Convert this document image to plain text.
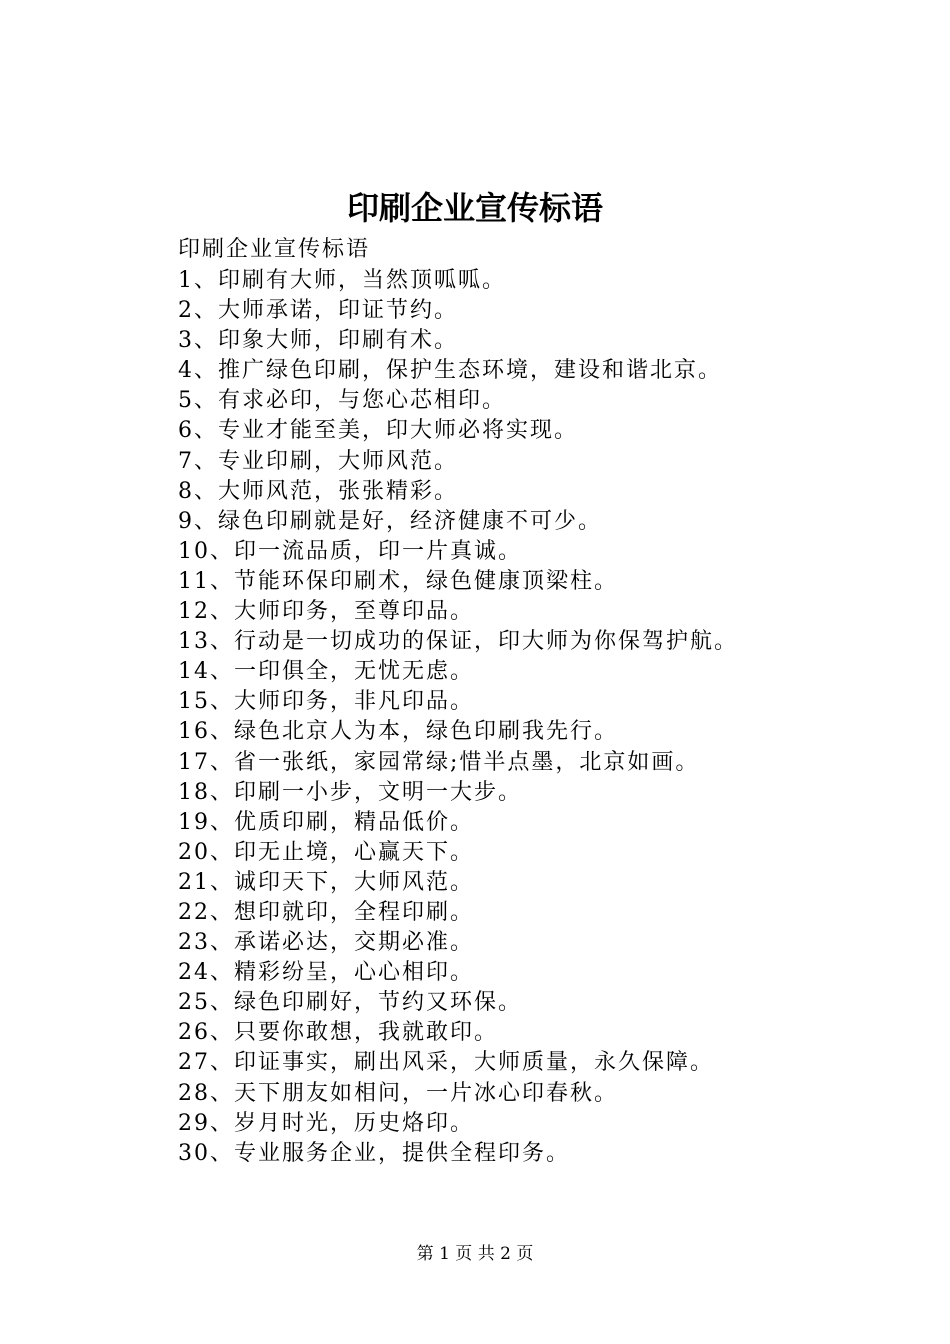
印刷企业宣传标语
印刷企业宣传标语
1、印刷有大师，当然顶呱呱。
2、大师承诺，印证节约。
3、印象大师，印刷有术。
4、推广绿色印刷，保护生态环境，建设和谐北京。
5、有求必印，与您心芯相印。
6、专业才能至美，印大师必将实现。
7、专业印刷，大师风范。
8、大师风范，张张精彩。
9、绿色印刷就是好，经济健康不可少。
10、印一流品质，印一片真诚。
11、节能环保印刷术，绿色健康顶梁柱。
12、大师印务，至尊印品。
13、行动是一切成功的保证，印大师为你保驾护航。
14、一印俱全，无忧无虑。
15、大师印务，非凡印品。
16、绿色北京人为本，绿色印刷我先行。
17、省一张纸，家园常绿;惜半点墨，北京如画。
18、印刷一小步，文明一大步。
19、优质印刷，精品低价。
20、印无止境，心赢天下。
21、诚印天下，大师风范。
22、想印就印，全程印刷。
23、承诺必达，交期必准。
24、精彩纷呈，心心相印。
25、绿色印刷好，节约又环保。
26、只要你敢想，我就敢印。
27、印证事实，刷出风采，大师质量，永久保障。
28、天下朋友如相问，一片冰心印春秋。
29、岁月时光，历史烙印。
30、专业服务企业，提供全程印务。
第 1 页 共 2 页
